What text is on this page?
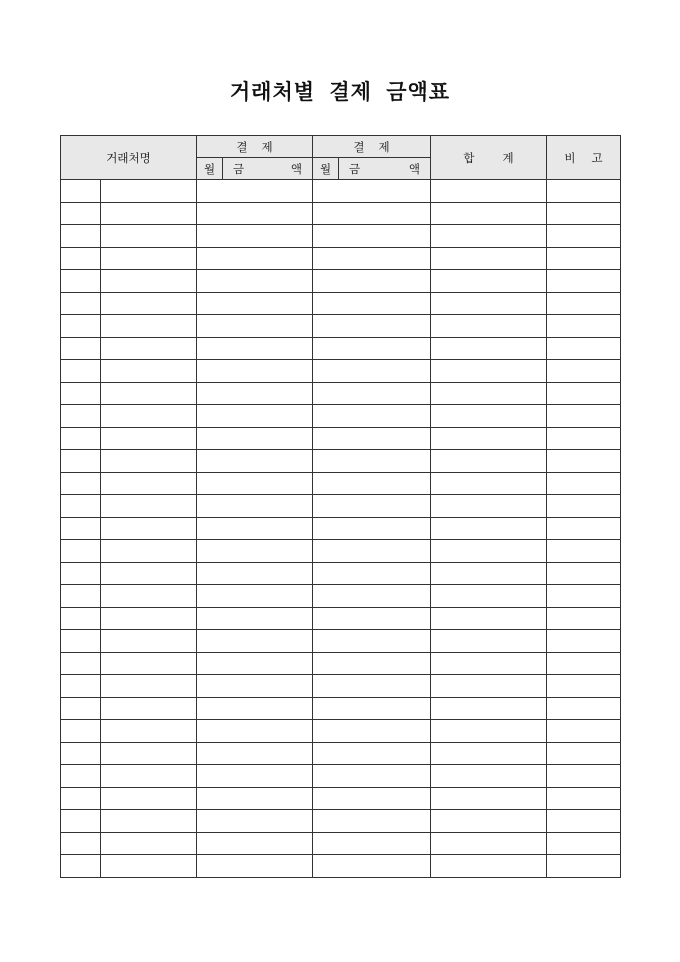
거래처별 결제 금액표
거래처명		결 제		결 제		합 계	비 고
		월	금 액	월	금 액		
